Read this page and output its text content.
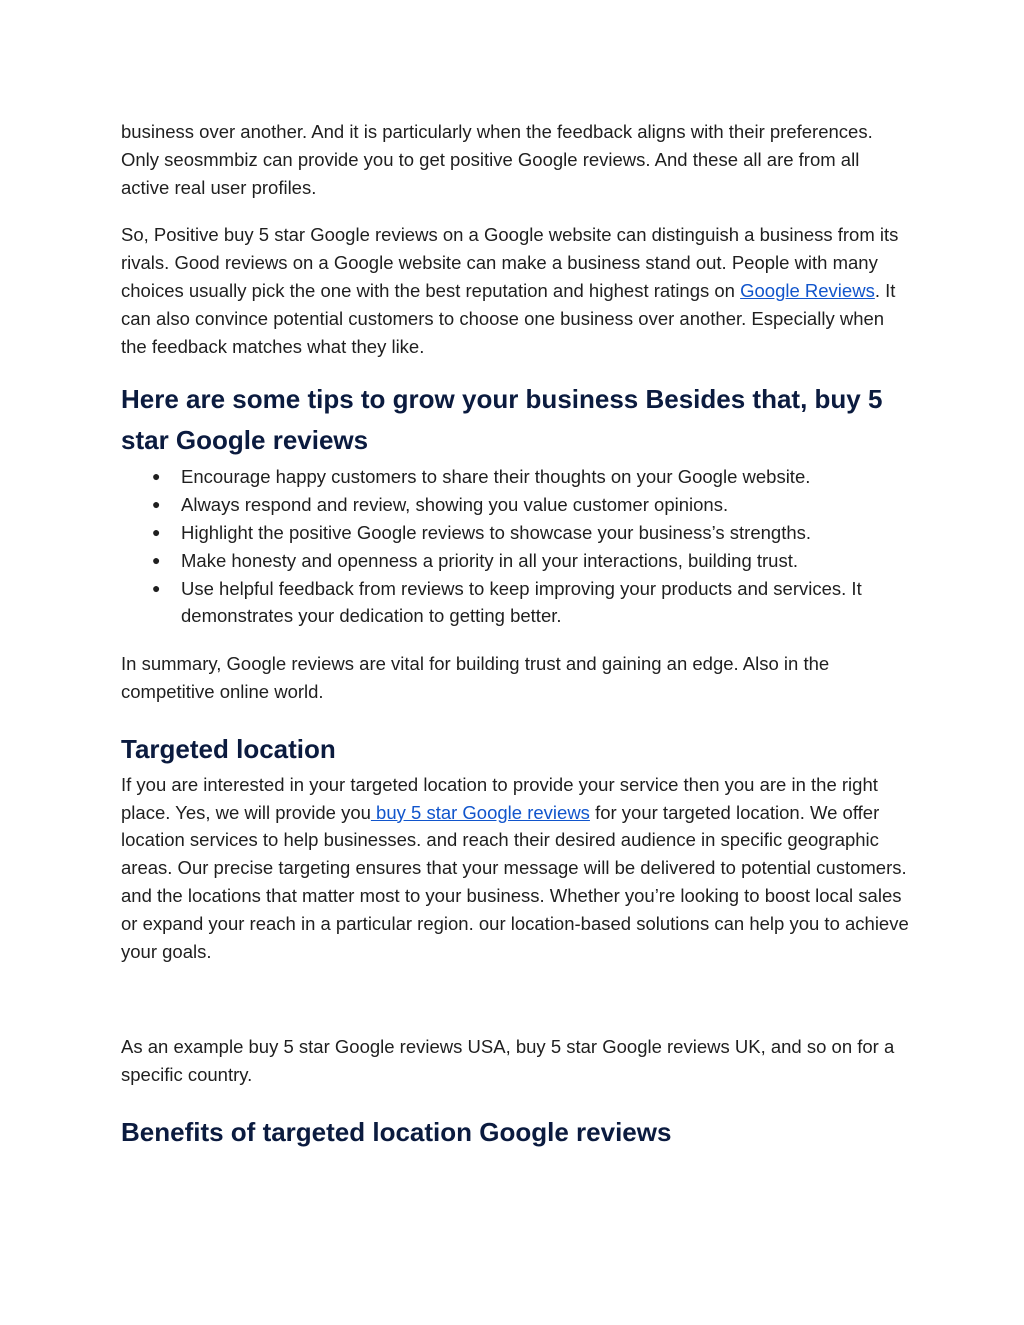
business over another. And it is particularly when the feedback aligns with their preferences. Only seosmmbiz can provide you to get positive Google reviews. And these all are from all active real user profiles.

So, Positive buy 5 star Google reviews on a Google website can distinguish a business from its rivals. Good reviews on a Google website can make a business stand out. People with many choices usually pick the one with the best reputation and highest ratings on Google Reviews. It can also convince potential customers to choose one business over another. Especially when the feedback matches what they like.

Here are some tips to grow your business Besides that, buy 5 star Google reviews
● Encourage happy customers to share their thoughts on your Google website.
● Always respond and review, showing you value customer opinions.
● Highlight the positive Google reviews to showcase your business’s strengths.
● Make honesty and openness a priority in all your interactions, building trust.
● Use helpful feedback from reviews to keep improving your products and services. It demonstrates your dedication to getting better.

In summary, Google reviews are vital for building trust and gaining an edge. Also in the competitive online world.

Targeted location

If you are interested in your targeted location to provide your service then you are in the right place. Yes, we will provide you buy 5 star Google reviews for your targeted location. We offer location services to help businesses. and reach their desired audience in specific geographic areas. Our precise targeting ensures that your message will be delivered to potential customers. and the locations that matter most to your business. Whether you’re looking to boost local sales or expand your reach in a particular region. our location-based solutions can help you to achieve your goals.

As an example buy 5 star Google reviews USA, buy 5 star Google reviews UK, and so on for a specific country.

Benefits of targeted location Google reviews
